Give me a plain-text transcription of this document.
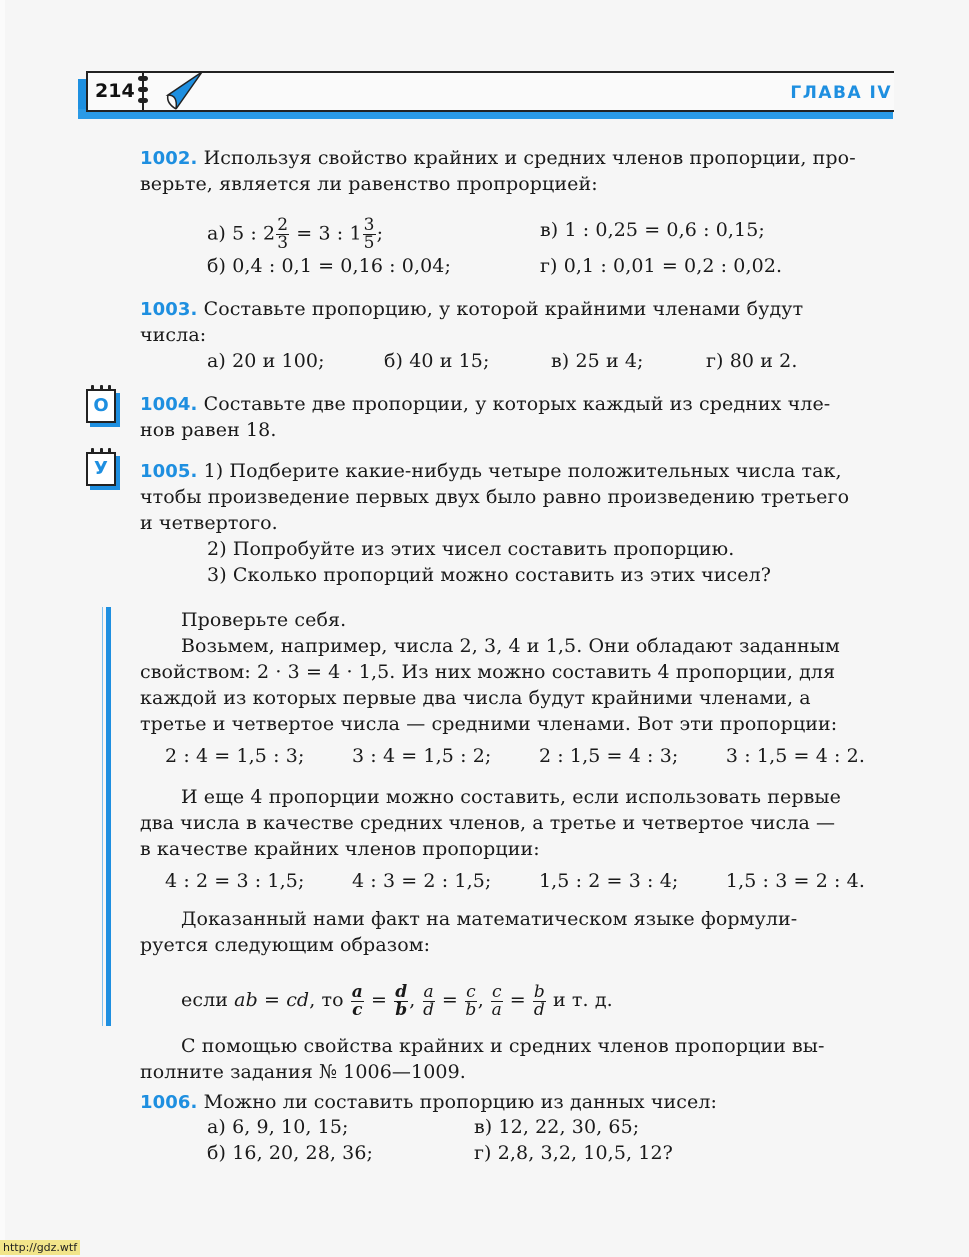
214	ГЛАВА IV
1002. Используя свойство крайних и средних членов пропорции, про-
верьте, является ли равенство пропрорцией:
а) 5 : $2 \frac{2}{3} = 3$ : $1 \frac{3}{5}$ ;	в) 1 : 0,25 = 0,6 : 0,15;
б) 0,4 : 0,1 = 0,16 : 0,04;	г) 0,1 : 0,01 = 0,2 : 0,02.
1003. Составьте пропорцию, у которой крайними членами будут
числа:
а) 20 и 100;	б) 40 и 15;	в) 25 и 4;	г) 80 и 2.
О	1004. Составьте две пропорции, у которых каждый из средних чле-
нов равен 18.
У	1005. 1) Подберите какие-нибудь четыре положительных числа так,
чтобы произведение первых двух было равно произведению третьего
и четвертого.
2) Попробуйте из этих чисел составить пропорцию.
3) Сколько пропорций можно составить из этих чисел?
Проверьте себя.
Возьмем, например, числа 2, 3, 4 и 1,5. Они обладают заданным
свойством: 2 · 3 = 4 · 1,5. Из них можно составить 4 пропорции, для
каждой из которых первые два числа будут крайними членами, а
третье и четвертое числа — средними членами. Вот эти пропорции:
2 : 4 = 1,5 : 3;	3 : 4 = 1,5 : 2;	2 : 1,5 = 4 : 3;	3 : 1,5 = 4 : 2.
И еще 4 пропорции можно составить, если использовать первые
два числа в качестве средних членов, а третье и четвертое числа —
в качестве крайних членов пропорции:
4 : 2 = 3 : 1,5;	4 : 3 = 2 : 1,5;	1,5 : 2 = 3 : 4;	1,5 : 3 = 2 : 4.
Доказанный нами факт на математическом языке формули-
руется следующим образом:
если ab = cd, то $\frac{a}{c} = \frac{d}{b}$ , $\frac{a}{d} = \frac{c}{b}$ , $\frac{c}{a} = \frac{b}{d}$ и т. д.
С помощью свойства крайних и средних членов пропорции вы-
полните задания № 1006—1009.
1006. Можно ли составить пропорцию из данных чисел:
а) 6, 9, 10, 15;	в) 12, 22, 30, 65;
б) 16, 20, 28, 36;	г) 2,8, 3,2, 10,5, 12?
http://gdz.wtf
